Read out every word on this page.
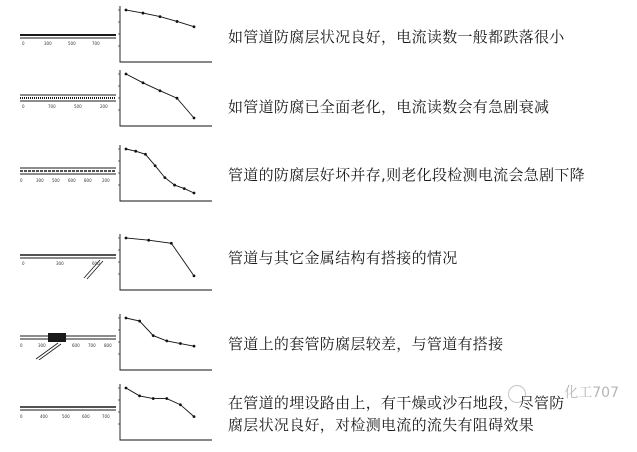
0	300	500	700	如管道防腐层状况良好，电流读数一般都跌落很小
0	700	500	200	如管道防腐已全面老化，电流读数会有急剧衰减
0	300 500 600 800	200	管道的防腐层好坏并存,则老化段检测电流会急剧下降
0	300	600	管道与其它金属结构有搭接的情况
0	300	600 700 800	管道上的套管防腐层较差，与管道有搭接
0	400	500	600	700
在管道的埋设路由上，有干燥或沙石地段，尽管防
腐层状况良好，对检测电流的流失有阻碍效果
化工707
